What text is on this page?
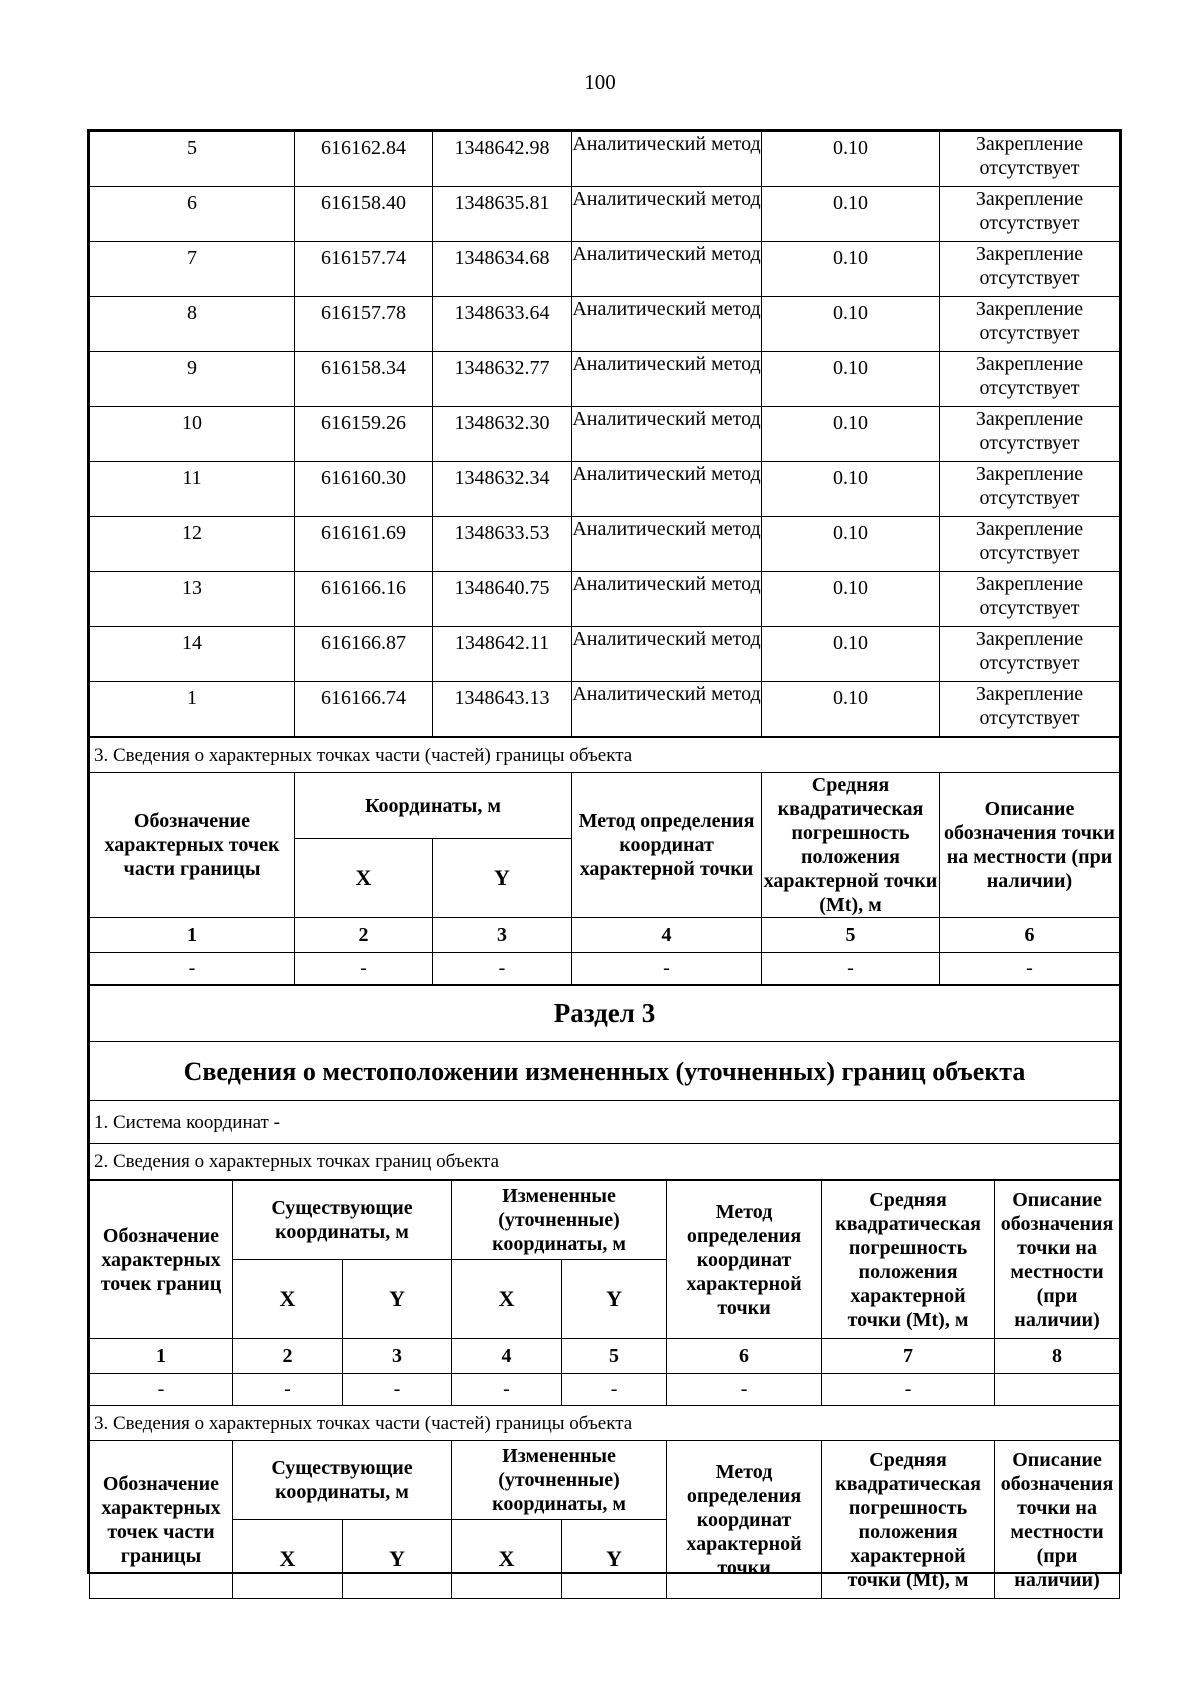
100
5	616162.84	1348642.98	Аналитический метод	0.10	Закрепление отсутствует
6	616158.40	1348635.81	Аналитический метод	0.10	Закрепление отсутствует
7	616157.74	1348634.68	Аналитический метод	0.10	Закрепление отсутствует
8	616157.78	1348633.64	Аналитический метод	0.10	Закрепление отсутствует
9	616158.34	1348632.77	Аналитический метод	0.10	Закрепление отсутствует
10	616159.26	1348632.30	Аналитический метод	0.10	Закрепление отсутствует
11	616160.30	1348632.34	Аналитический метод	0.10	Закрепление отсутствует
12	616161.69	1348633.53	Аналитический метод	0.10	Закрепление отсутствует
13	616166.16	1348640.75	Аналитический метод	0.10	Закрепление отсутствует
14	616166.87	1348642.11	Аналитический метод	0.10	Закрепление отсутствует
1	616166.74	1348643.13	Аналитический метод	0.10	Закрепление отсутствует
3. Сведения о характерных точках части (частей) границы объекта					
Обозначение характерных точек части границы	Координаты, м		Метод определения координат характерной точки	Средняя квадратическая погрешность положения характерной точки (Mt), м	Описание обозначения точки на местности (при наличии)
	X	Y			
1	2	3	4	5	6
-	-	-	-	-	-
Раздел 3
Сведения о местоположении измененных (уточненных) границ объекта
1. Система координат -
2. Сведения о характерных точках границ объекта
Обозначение характерных точек границ	Существующие координаты, м		Измененные (уточненные) координаты, м		Метод определения координат характерной точки	Средняя квадратическая погрешность положения характерной точки (Mt), м	Описание обозначения точки на местности (при наличии)
	X	Y	X	Y			
1	2	3	4	5	6	7	8
-	-	-	-	-	-	-	
3. Сведения о характерных точках части (частей) границы объекта							
Обозначение характерных точек части границы	Существующие координаты, м		Измененные (уточненные) координаты, м		Метод определения координат характерной точки	Средняя квадратическая погрешность положения характерной точки (Mt), м	Описание обозначения точки на местности (при наличии)
	X	Y	X	Y			
